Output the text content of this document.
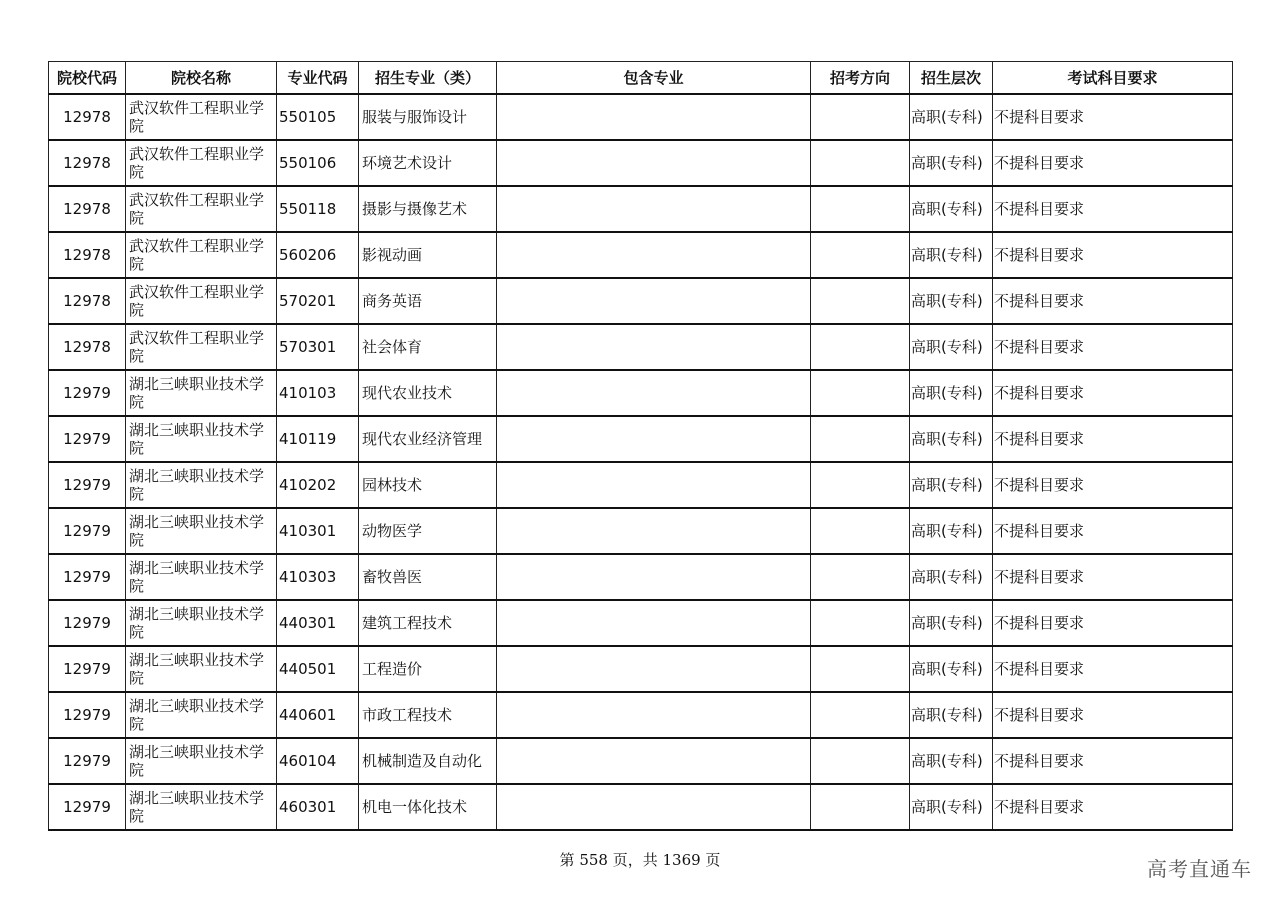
院校代码	院校名称	专业代码	招生专业（类）	包含专业	招考方向	招生层次	考试科目要求
12978	武汉软件工程职业学院	550105	服装与服饰设计			高职(专科)	不提科目要求
12978	武汉软件工程职业学院	550106	环境艺术设计			高职(专科)	不提科目要求
12978	武汉软件工程职业学院	550118	摄影与摄像艺术			高职(专科)	不提科目要求
12978	武汉软件工程职业学院	560206	影视动画			高职(专科)	不提科目要求
12978	武汉软件工程职业学院	570201	商务英语			高职(专科)	不提科目要求
12978	武汉软件工程职业学院	570301	社会体育			高职(专科)	不提科目要求
12979	湖北三峡职业技术学院	410103	现代农业技术			高职(专科)	不提科目要求
12979	湖北三峡职业技术学院	410119	现代农业经济管理			高职(专科)	不提科目要求
12979	湖北三峡职业技术学院	410202	园林技术			高职(专科)	不提科目要求
12979	湖北三峡职业技术学院	410301	动物医学			高职(专科)	不提科目要求
12979	湖北三峡职业技术学院	410303	畜牧兽医			高职(专科)	不提科目要求
12979	湖北三峡职业技术学院	440301	建筑工程技术			高职(专科)	不提科目要求
12979	湖北三峡职业技术学院	440501	工程造价			高职(专科)	不提科目要求
12979	湖北三峡职业技术学院	440601	市政工程技术			高职(专科)	不提科目要求
12979	湖北三峡职业技术学院	460104	机械制造及自动化			高职(专科)	不提科目要求
12979	湖北三峡职业技术学院	460301	机电一体化技术			高职(专科)	不提科目要求
第 558 页，共 1369 页	高考直通车
